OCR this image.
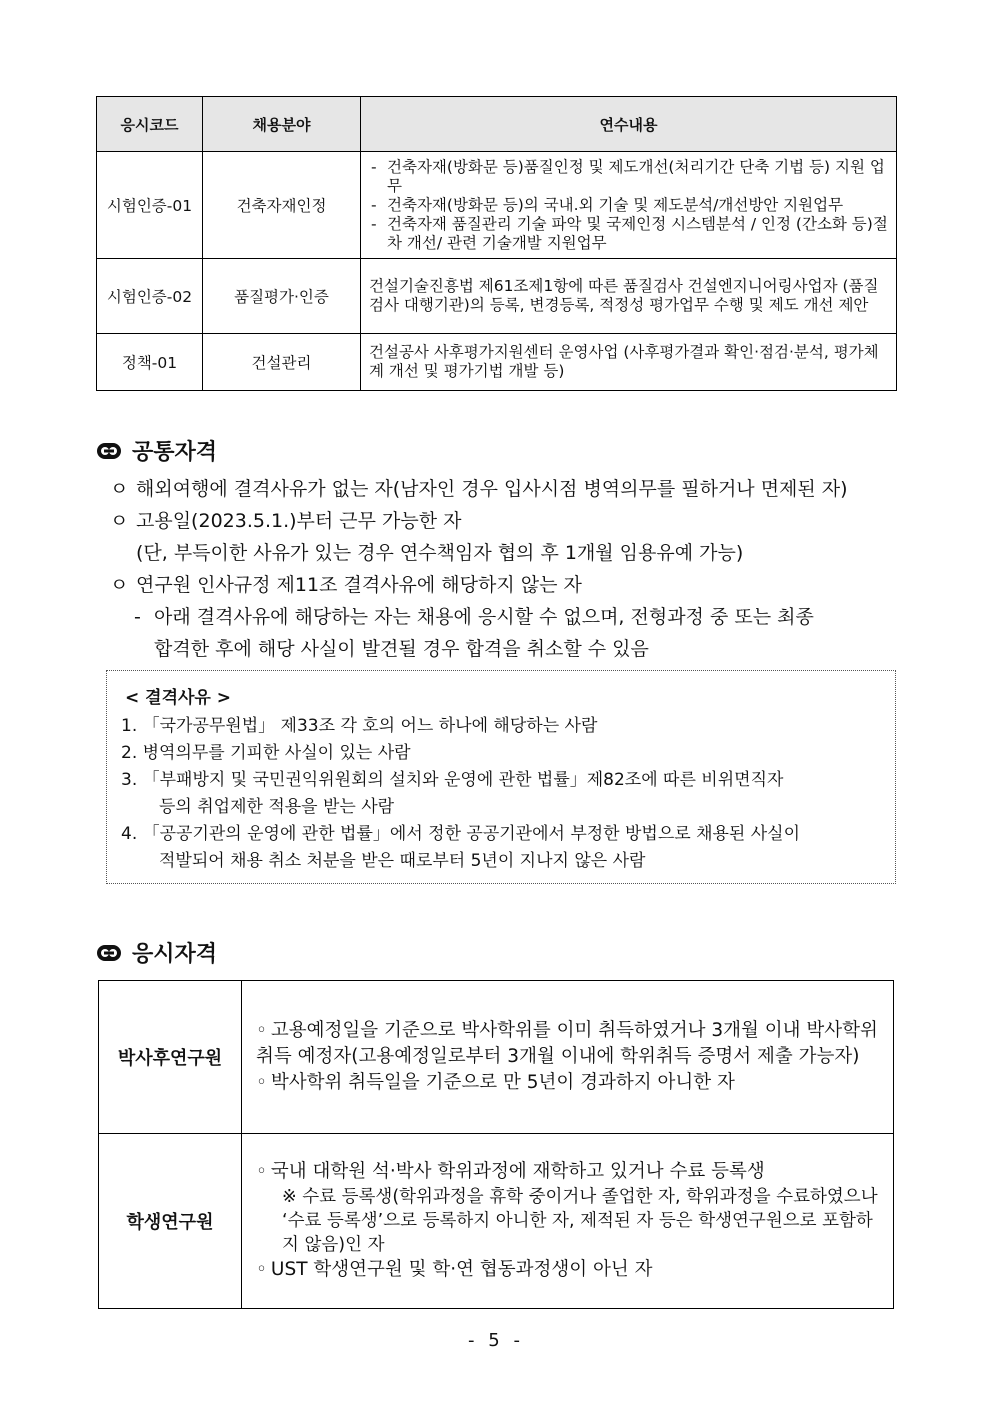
응시코드	채용분야	연수내용
시험인증-01	건축자재인정	- 건축자재(방화문 등)품질인정 및 제도개선(처리기간 단축 기법 등) 지원 업무
- 건축자재(방화문 등)의 국내.외 기술 및 제도분석/개선방안 지원업무
- 건축자재 품질관리 기술 파악 및 국제인정 시스템분석 / 인정 (간소화 등)절차 개선/ 관련 기술개발 지원업무

시험인증-02	품질평가·인증	건설기술진흥법 제61조제1항에 따른 품질검사 건설엔지니어링사업자 (품질검사 대행기관)의 등록, 변경등록, 적정성 평가업무 수행 및 제도 개선 제안
정책-01	건설관리	건설공사 사후평가지원센터 운영사업 (사후평가결과 확인·점검·분석, 평가체계 개선 및 평가기법 개발 등)
공통자격
ㅇ 해외여행에 결격사유가 없는 자(남자인 경우 입사시점 병역의무를 필하거나 면제된 자)
ㅇ 고용일(2023.5.1.)부터 근무 가능한 자
(단, 부득이한 사유가 있는 경우 연수책임자 협의 후 1개월 임용유예 가능)
ㅇ 연구원 인사규정 제11조 결격사유에 해당하지 않는 자
- 아래 결격사유에 해당하는 자는 채용에 응시할 수 없으며, 전형과정 중 또는 최종
합격한 후에 해당 사실이 발견될 경우 합격을 취소할 수 있음
< 결격사유 >
1. 「국가공무원법」 제33조 각 호의 어느 하나에 해당하는 사람
2. 병역의무를 기피한 사실이 있는 사람
3. 「부패방지 및 국민권익위원회의 설치와 운영에 관한 법률」제82조에 따른 비위면직자
등의 취업제한 적용을 받는 사람
4. 「공공기관의 운영에 관한 법률」에서 정한 공공기관에서 부정한 방법으로 채용된 사실이
적발되어 채용 취소 처분을 받은 때로부터 5년이 지나지 않은 사람
응시자격
박사후연구원	◦ 고용예정일을 기준으로 박사학위를 이미 취득하였거나 3개월 이내 박사학위 취득 예정자(고용예정일로부터 3개월 이내에 학위취득 증명서 제출 가능자)
◦ 박사학위 취득일을 기준으로 만 5년이 경과하지 아니한 자

학생연구원	◦ 국내 대학원 석·박사 학위과정에 재학하고 있거나 수료 등록생
※ 수료 등록생(학위과정을 휴학 중이거나 졸업한 자, 학위과정을 수료하였으나 ‘수료 등록생’으로 등록하지 아니한 자, 제적된 자 등은 학생연구원으로 포함하지 않음)인 자
◦ UST 학생연구원 및 학·연 협동과정생이 아닌 자
- 5 -
